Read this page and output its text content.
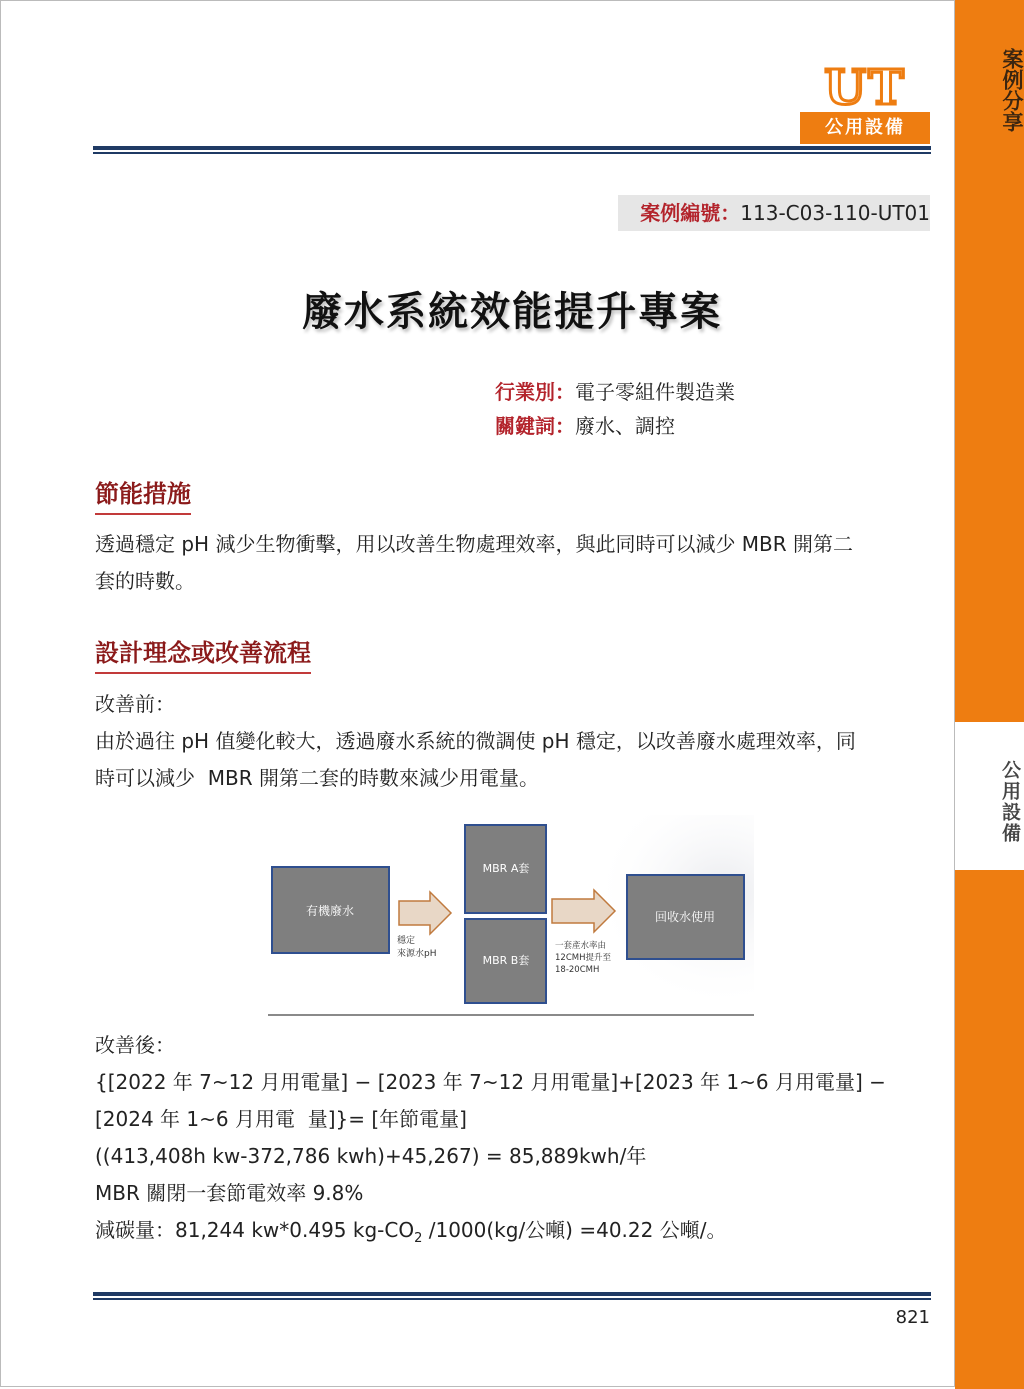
案例分享
公用設備
UT
公用設備
案例編號：113-C03-110-UT01
廢水系統效能提升專案
行業別：電子零組件製造業
關鍵詞：廢水、調控
節能措施
透過穩定 pH 減少生物衝擊，用以改善生物處理效率，與此同時可以減少 MBR 開第二
套的時數。
設計理念或改善流程
改善前：
由於過往 pH 值變化較大，透過廢水系統的微調使 pH 穩定，以改善廢水處理效率，同
時可以減少  MBR 開第二套的時數來減少用電量。
有機廢水
穩定
來源水pH
MBR A套
MBR B套
一套產水率由
12CMH提升至
18-20CMH
回收水使用
改善後：
{[2022 年 7~12 月用電量] − [2023 年 7~12 月用電量]+[2023 年 1~6 月用電量] −
[2024 年 1~6 月用電  量]}= [年節電量]
((413,408h kw-372,786 kwh)+45,267) = 85,889kwh/年
MBR 關閉一套節電效率 9.8%
減碳量：81,244 kw*0.495 $kg-CO_2$ /1000(kg/公噸) =40.22 公噸/。
821
